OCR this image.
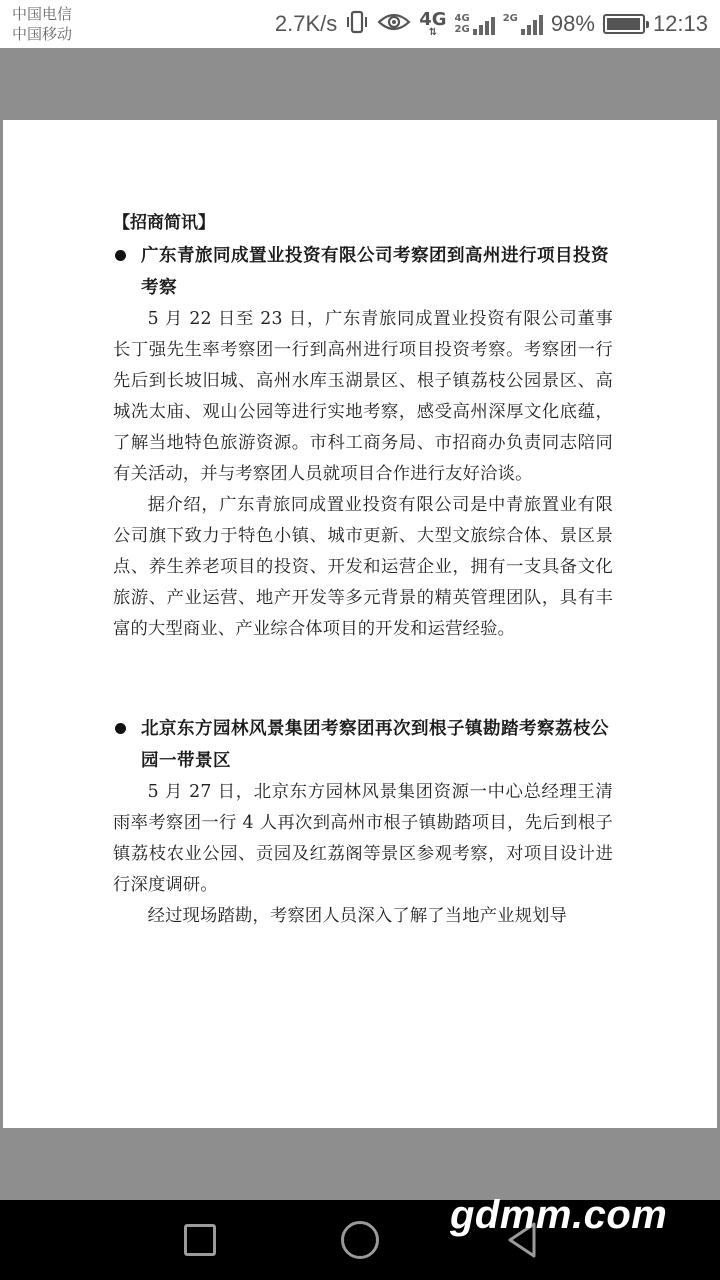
中国电信
中国移动	2.7K/s	4G
⇅
4G
2G
2G 98%	12:13
【招商简讯】
广东青旅同成置业投资有限公司考察团到高州进行项目投资考察

5 月 22 日至 23 日，广东青旅同成置业投资有限公司董事长丁强先生率考察团一行到高州进行项目投资考察。考察团一行先后到长坡旧城、高州水库玉湖景区、根子镇荔枝公园景区、高城冼太庙、观山公园等进行实地考察，感受高州深厚文化底蕴，了解当地特色旅游资源。市科工商务局、市招商办负责同志陪同有关活动，并与考察团人员就项目合作进行友好洽谈。

据介绍，广东青旅同成置业投资有限公司是中青旅置业有限公司旗下致力于特色小镇、城市更新、大型文旅综合体、景区景点、养生养老项目的投资、开发和运营企业，拥有一支具备文化旅游、产业运营、地产开发等多元背景的精英管理团队，具有丰富的大型商业、产业综合体项目的开发和运营经验。

北京东方园林风景集团考察团再次到根子镇勘踏考察荔枝公园一带景区

5 月 27 日，北京东方园林风景集团资源一中心总经理王清雨率考察团一行 4 人再次到高州市根子镇勘踏项目，先后到根子镇荔枝农业公园、贡园及红荔阁等景区参观考察，对项目设计进行深度调研。

经过现场踏勘，考察团人员深入了解了当地产业规划导

gdmm.com
